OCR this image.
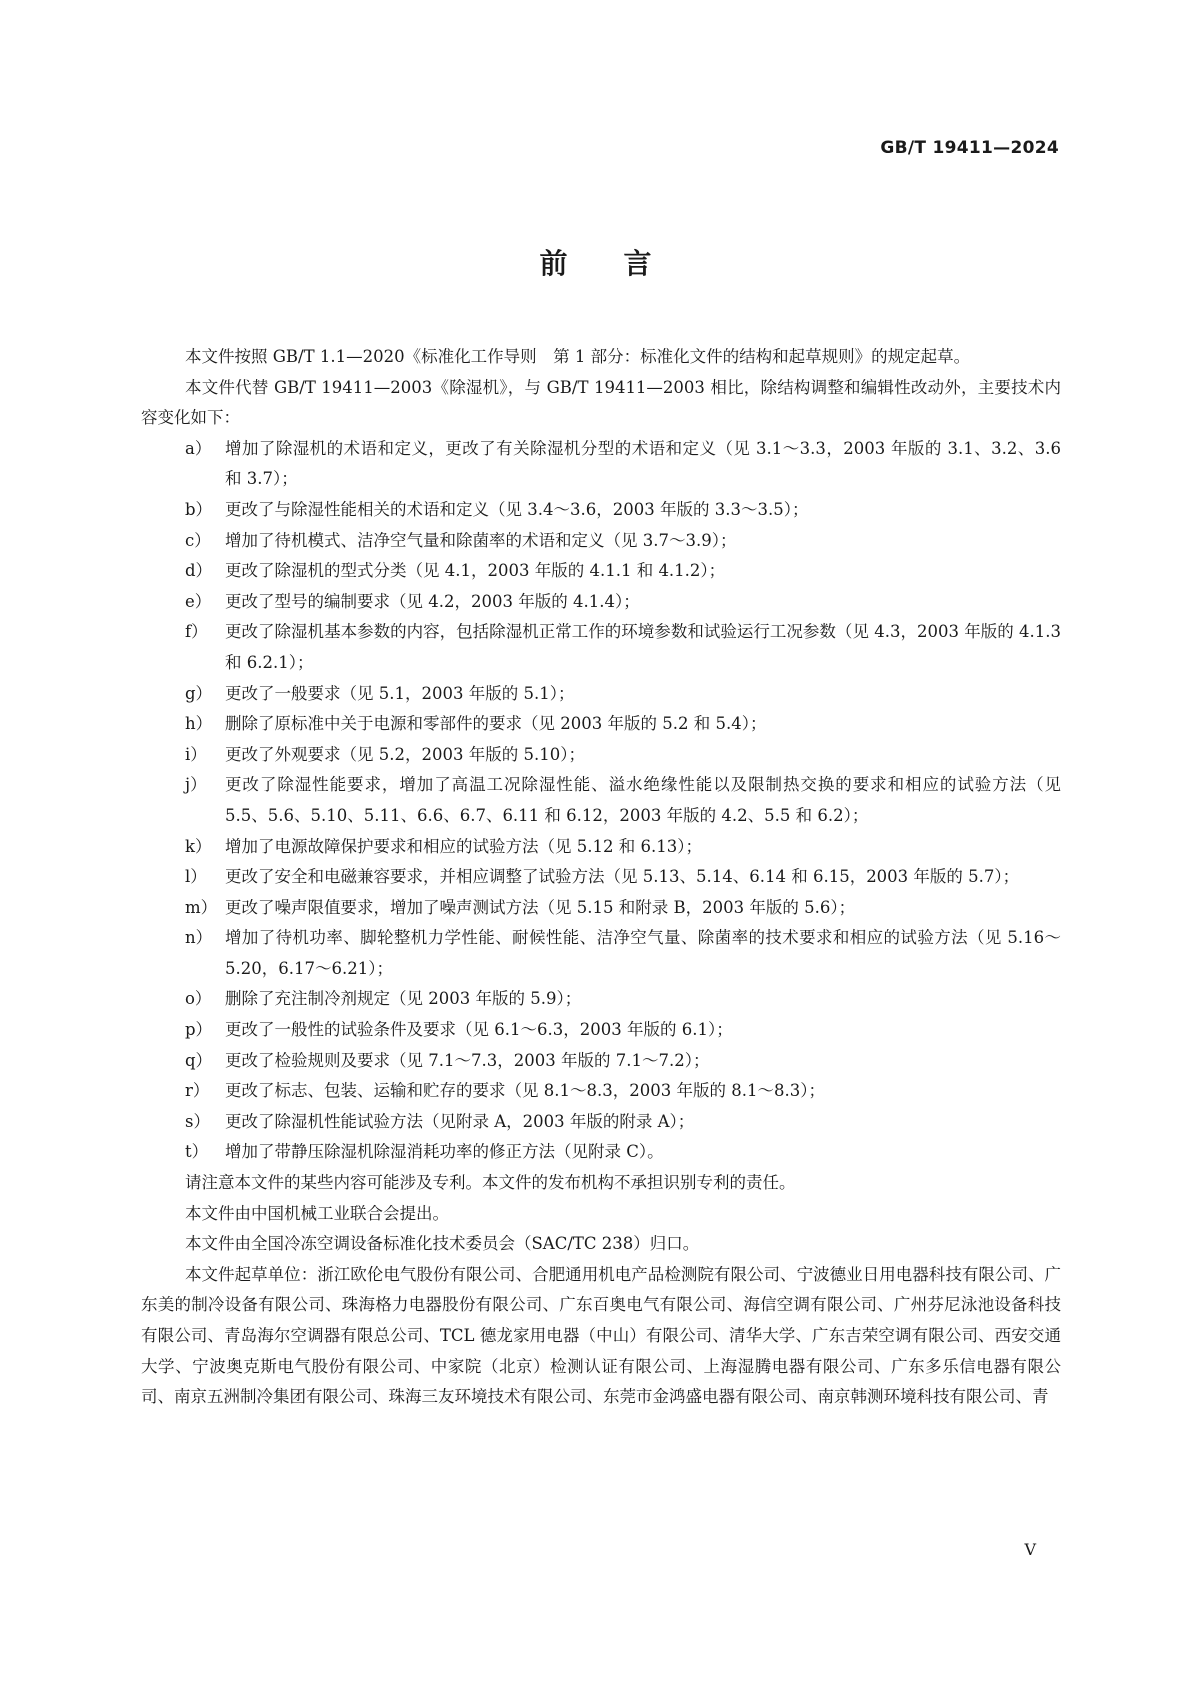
GB/T 19411—2024
前言

本文件按照 GB/T 1.1—2020《标准化工作导则　第 1 部分：标准化文件的结构和起草规则》的规定起草。

本文件代替 GB/T 19411—2003《除湿机》，与 GB/T 19411—2003 相比，除结构调整和编辑性改动外，主要技术内容变化如下：

a） 增加了除湿机的术语和定义，更改了有关除湿机分型的术语和定义（见 3.1～3.3，2003 年版的 3.1、3.2、3.6 和 3.7）；
b） 更改了与除湿性能相关的术语和定义（见 3.4～3.6，2003 年版的 3.3～3.5）；
c） 增加了待机模式、洁净空气量和除菌率的术语和定义（见 3.7～3.9）；
d） 更改了除湿机的型式分类（见 4.1，2003 年版的 4.1.1 和 4.1.2）；
e） 更改了型号的编制要求（见 4.2，2003 年版的 4.1.4）；
f）	更改了除湿机基本参数的内容，包括除湿机正常工作的环境参数和试验运行工况参数（见 4.3，2003 年版的 4.1.3 和 6.2.1）；
g） 更改了一般要求（见 5.1，2003 年版的 5.1）；
h） 删除了原标准中关于电源和零部件的要求（见 2003 年版的 5.2 和 5.4）；
i）	更改了外观要求（见 5.2，2003 年版的 5.10）；
j）	更改了除湿性能要求，增加了高温工况除湿性能、溢水绝缘性能以及限制热交换的要求和相应的试验方法（见 5.5、5.6、5.10、5.11、6.6、6.7、6.11 和 6.12，2003 年版的 4.2、5.5 和 6.2）；
k） 增加了电源故障保护要求和相应的试验方法（见 5.12 和 6.13）；
l）	更改了安全和电磁兼容要求，并相应调整了试验方法（见 5.13、5.14、6.14 和 6.15，2003 年版的 5.7）；
m） 更改了噪声限值要求，增加了噪声测试方法（见 5.15 和附录 B，2003 年版的 5.6）；
n） 增加了待机功率、脚轮整机力学性能、耐候性能、洁净空气量、除菌率的技术要求和相应的试验方法（见 5.16～5.20，6.17～6.21）；
o） 删除了充注制冷剂规定（见 2003 年版的 5.9）；
p） 更改了一般性的试验条件及要求（见 6.1～6.3，2003 年版的 6.1）；
q） 更改了检验规则及要求（见 7.1～7.3，2003 年版的 7.1～7.2）；
r） 更改了标志、包装、运输和贮存的要求（见 8.1～8.3，2003 年版的 8.1～8.3）；
s） 更改了除湿机性能试验方法（见附录 A，2003 年版的附录 A）；
t）	增加了带静压除湿机除湿消耗功率的修正方法（见附录 C）。

请注意本文件的某些内容可能涉及专利。本文件的发布机构不承担识别专利的责任。

本文件由中国机械工业联合会提出。

本文件由全国冷冻空调设备标准化技术委员会（SAC/TC 238）归口。

本文件起草单位：浙江欧伦电气股份有限公司、合肥通用机电产品检测院有限公司、宁波德业日用电器科技有限公司、广东美的制冷设备有限公司、珠海格力电器股份有限公司、广东百奥电气有限公司、海信空调有限公司、广州芬尼泳池设备科技有限公司、青岛海尔空调器有限总公司、TCL 德龙家用电器（中山）有限公司、清华大学、广东吉荣空调有限公司、西安交通大学、宁波奥克斯电气股份有限公司、中家院（北京）检测认证有限公司、上海湿腾电器有限公司、广东多乐信电器有限公司、南京五洲制冷集团有限公司、珠海三友环境技术有限公司、东莞市金鸿盛电器有限公司、南京韩测环境科技有限公司、青

V
